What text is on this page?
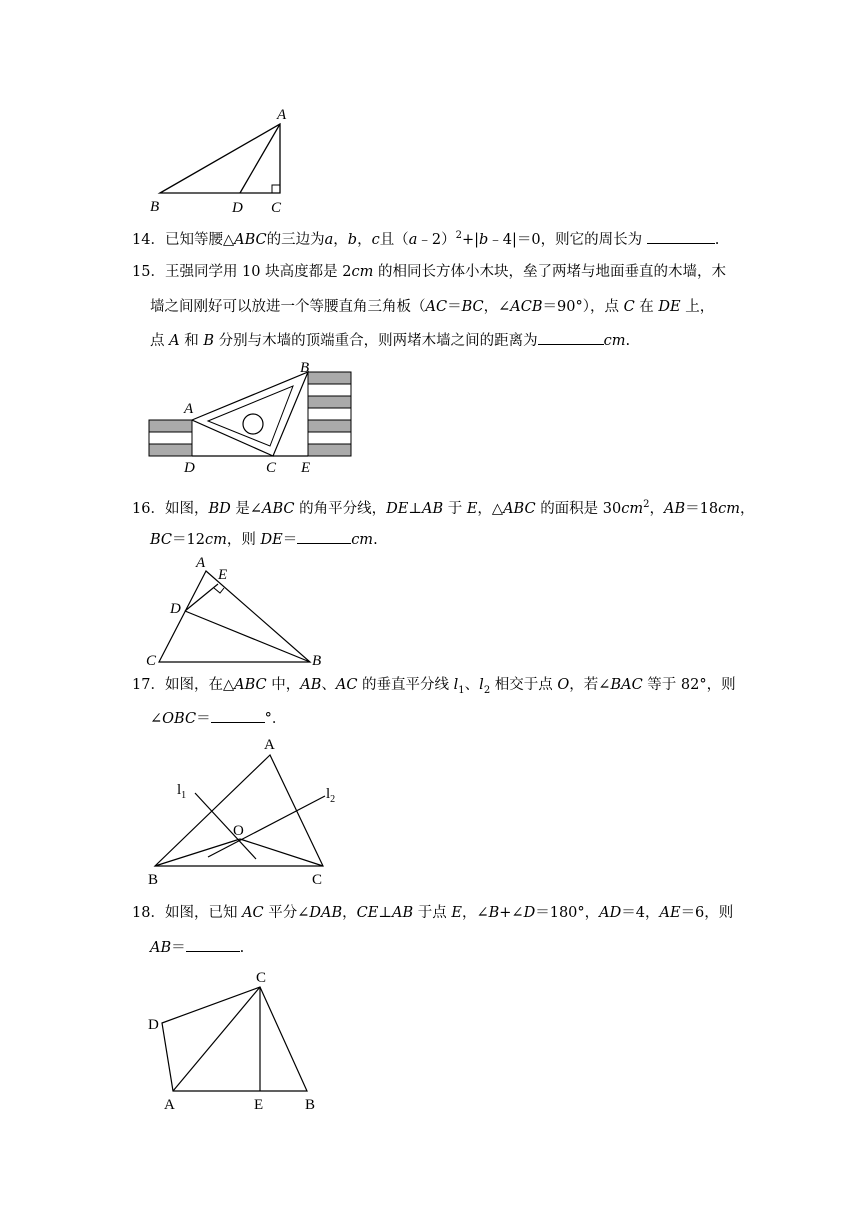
A
B	D C
14．已知等腰△ABC的三边为a，b，c且（a﹣2）$^2$+|b﹣4|＝0，则它的周长为	.
15．王强同学用 10 块高度都是 2cm 的相同长方体小木块，垒了两堵与地面垂直的木墙，木
墙之间刚好可以放进一个等腰直角三角板（AC＝BC，∠ACB＝90°），点 C 在 DE 上，
点 A 和 B 分别与木墙的顶端重合，则两堵木墙之间的距离为	cm.
A
B
D	C E
16．如图，BD 是∠ABC 的角平分线，DE⊥AB 于 E，△ABC 的面积是 $30cm^2$，AB＝18cm，
BC＝12cm，则 DE＝	cm.
A
E
D
C	B
17．如图，在△ABC 中，AB、AC 的垂直平分线 $l_1$、$l_2$ 相交于点 O，若∠BAC 等于 82°，则
∠OBC＝	°．
A
O
B	C
$l_1$	$l_2$
18．如图，已知 AC 平分∠DAB，CE⊥AB 于点 E，∠B+∠D＝180°，AD＝4，AE＝6，则
AB＝	.
C
D
A	E	B
